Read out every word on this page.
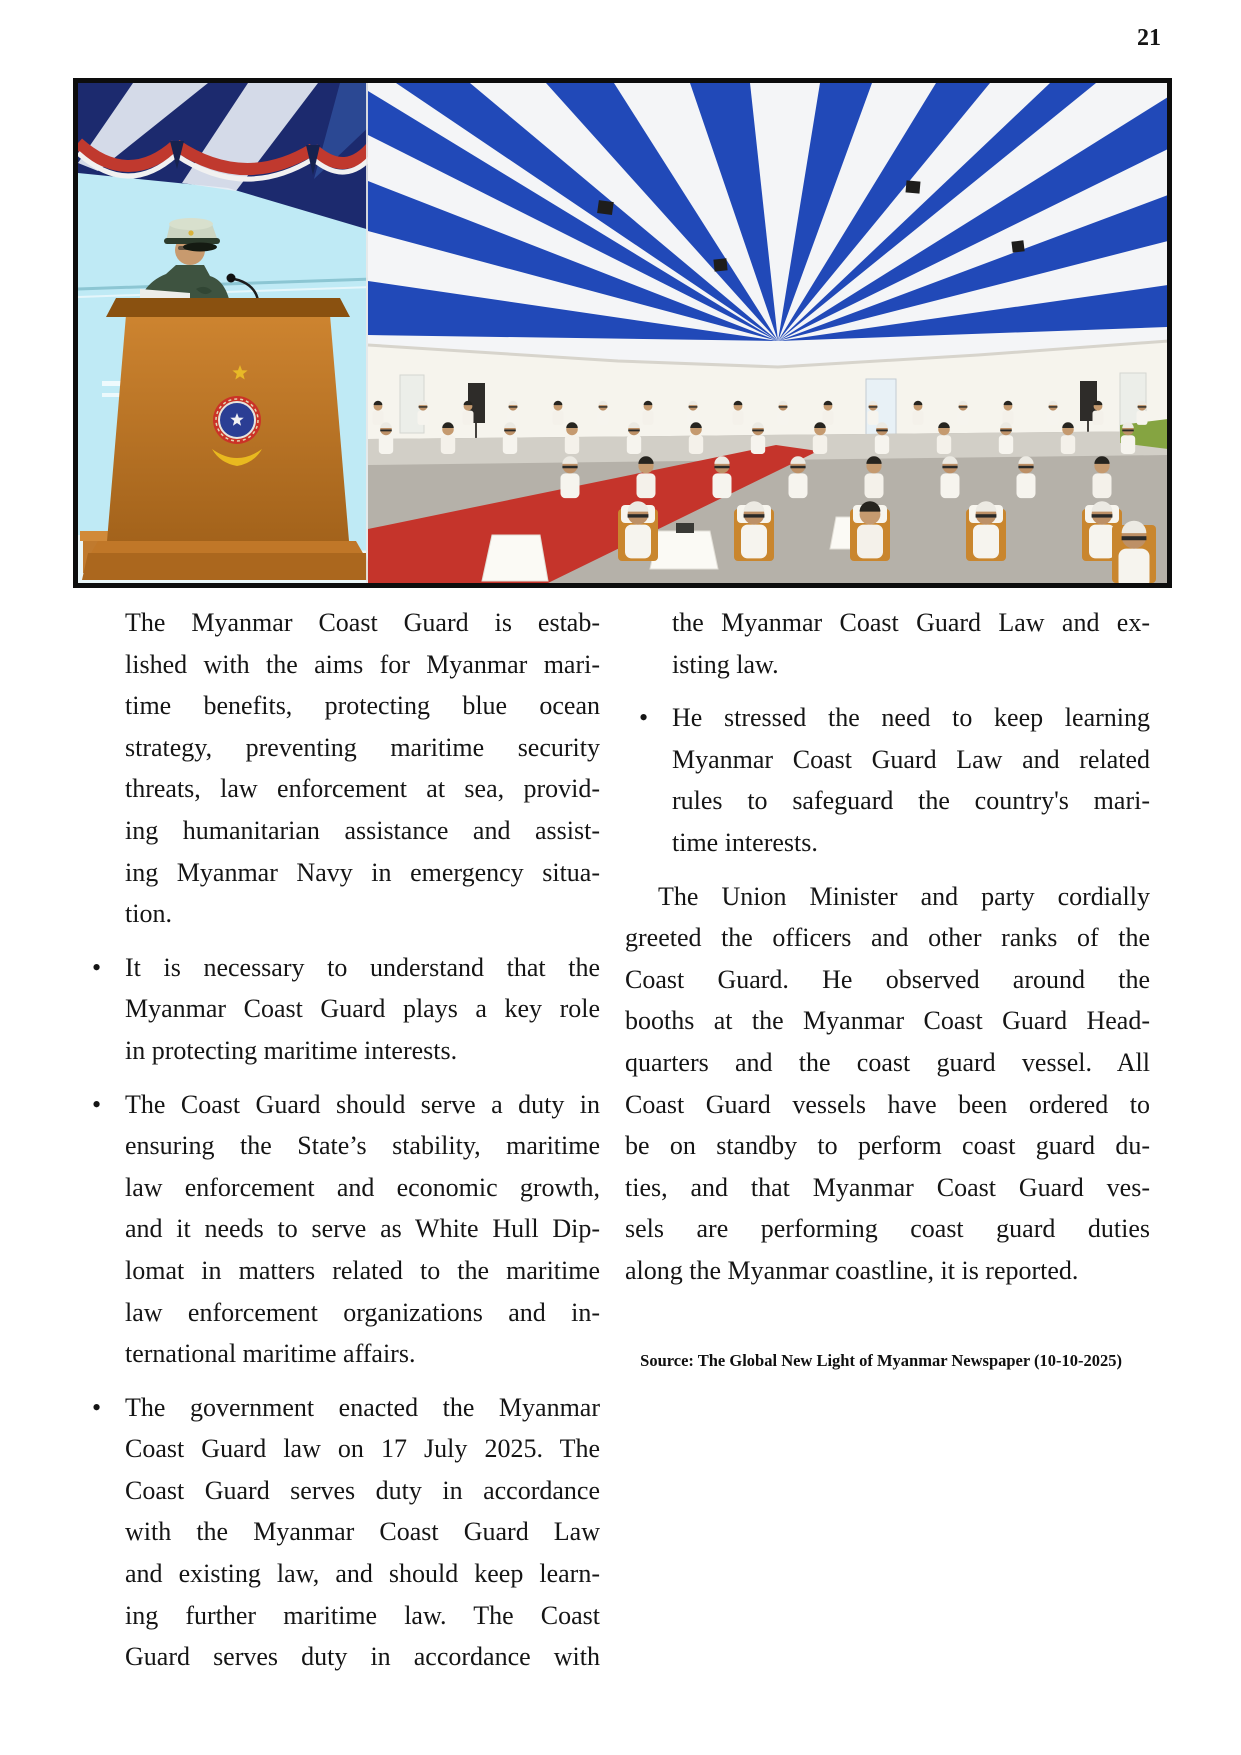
21
The Myanmar Coast Guard is estab-
lished with the aims for Myanmar mari-
time benefits, protecting blue ocean
strategy, preventing maritime security
threats, law enforcement at sea, provid-
ing humanitarian assistance and assist-
ing Myanmar Navy in emergency situa-
tion.
• It is necessary to understand that the
Myanmar Coast Guard plays a key role
in protecting maritime interests.
• The Coast Guard should serve a duty in
ensuring the State’s stability, maritime
law enforcement and economic growth,
and it needs to serve as White Hull Dip-
lomat in matters related to the maritime
law enforcement organizations and in-
ternational maritime affairs.
• The government enacted the Myanmar
Coast Guard law on 17 July 2025. The
Coast Guard serves duty in accordance
with the Myanmar Coast Guard Law
and existing law, and should keep learn-
ing further maritime law. The Coast
Guard serves duty in accordance with
the Myanmar Coast Guard Law and ex-
isting law.
• He stressed the need to keep learning
Myanmar Coast Guard Law and related
rules to safeguard the country's mari-
time interests.
The Union Minister and party cordially
greeted the officers and other ranks of the
Coast Guard. He observed around the
booths at the Myanmar Coast Guard Head-
quarters and the coast guard vessel. All
Coast Guard vessels have been ordered to
be on standby to perform coast guard du-
ties, and that Myanmar Coast Guard ves-
sels are performing coast guard duties
along the Myanmar coastline, it is reported.
Source: The Global New Light of Myanmar Newspaper (10-10-2025)
